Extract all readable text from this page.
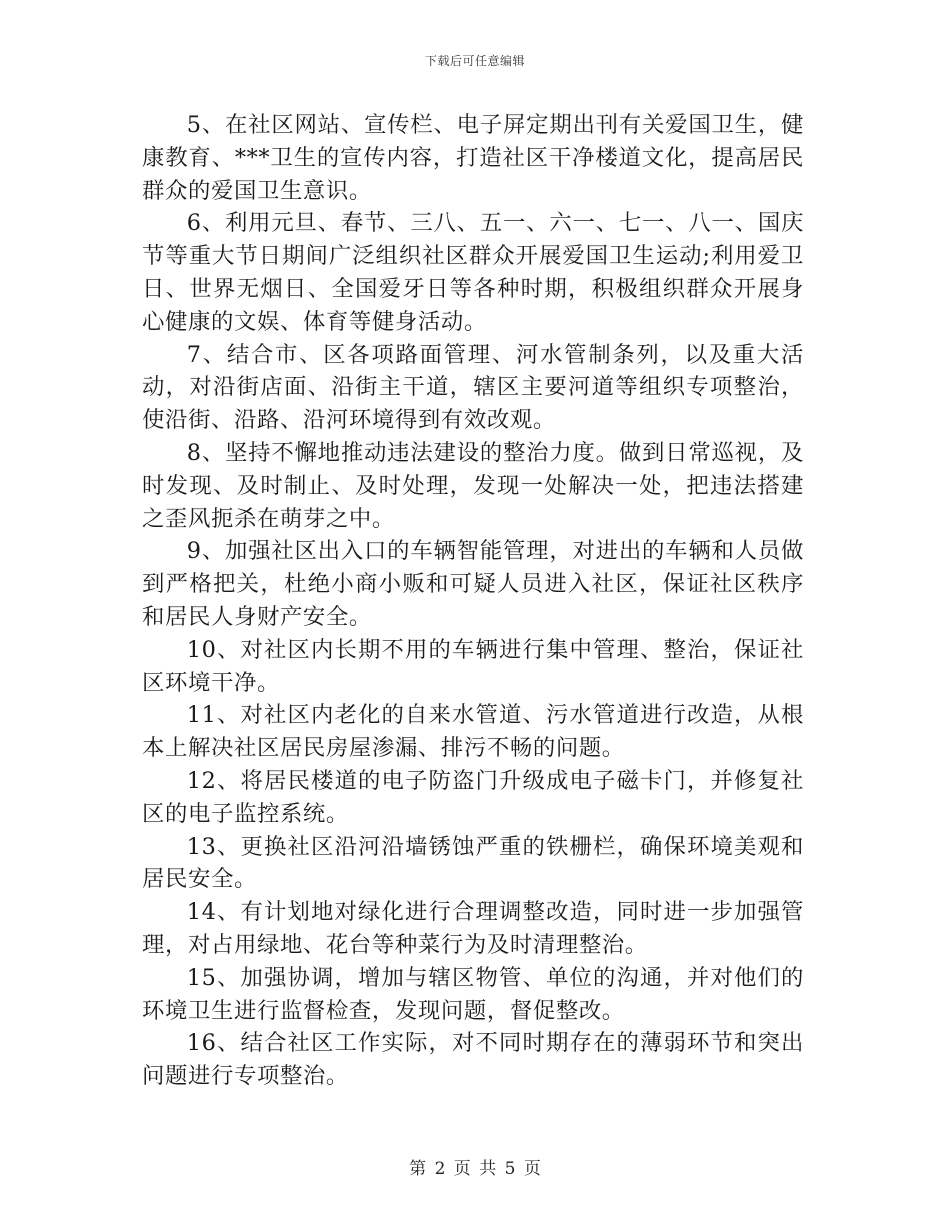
下载后可任意编辑

5、在社区网站、宣传栏、电子屏定期出刊有关爱国卫生，健康教育、***卫生的宣传内容，打造社区干净楼道文化，提高居民群众的爱国卫生意识。

6、利用元旦、春节、三八、五一、六一、七一、八一、国庆节等重大节日期间广泛组织社区群众开展爱国卫生运动;利用爱卫日、世界无烟日、全国爱牙日等各种时期，积极组织群众开展身心健康的文娱、体育等健身活动。

7、结合市、区各项路面管理、河水管制条列，以及重大活动，对沿街店面、沿街主干道，辖区主要河道等组织专项整治，使沿街、沿路、沿河环境得到有效改观。

8、坚持不懈地推动违法建设的整治力度。做到日常巡视，及时发现、及时制止、及时处理，发现一处解决一处，把违法搭建之歪风扼杀在萌芽之中。

9、加强社区出入口的车辆智能管理，对进出的车辆和人员做到严格把关，杜绝小商小贩和可疑人员进入社区，保证社区秩序和居民人身财产安全。

10、对社区内长期不用的车辆进行集中管理、整治，保证社区环境干净。

11、对社区内老化的自来水管道、污水管道进行改造，从根本上解决社区居民房屋渗漏、排污不畅的问题。

12、将居民楼道的电子防盗门升级成电子磁卡门，并修复社区的电子监控系统。

13、更换社区沿河沿墙锈蚀严重的铁栅栏，确保环境美观和居民安全。

14、有计划地对绿化进行合理调整改造，同时进一步加强管理，对占用绿地、花台等种菜行为及时清理整治。

15、加强协调，增加与辖区物管、单位的沟通，并对他们的环境卫生进行监督检查，发现问题，督促整改。

16、结合社区工作实际，对不同时期存在的薄弱环节和突出问题进行专项整治。

第 2 页 共 5 页
